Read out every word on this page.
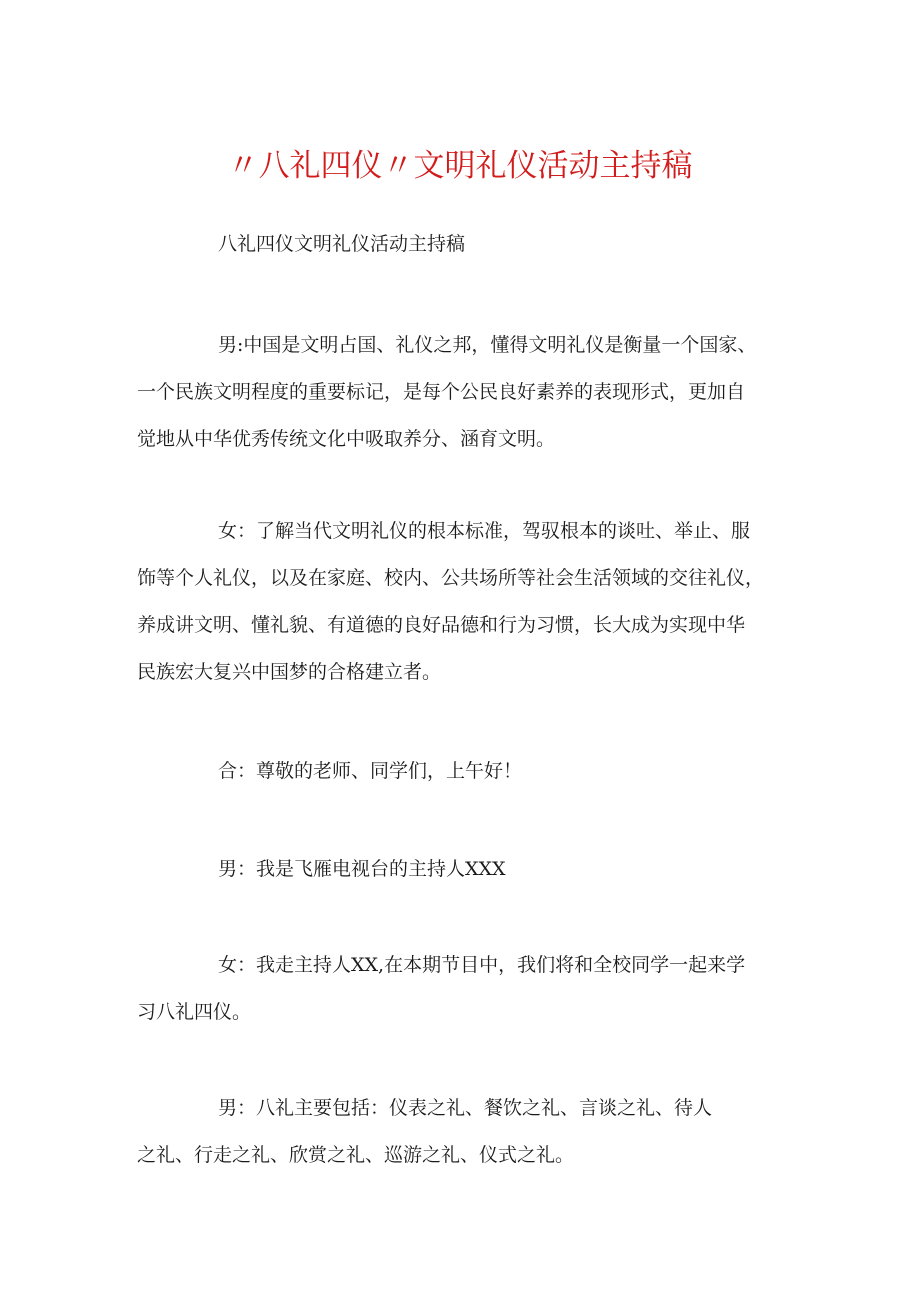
〃八礼四仪〃文明礼仪活动主持稿
八礼四仪文明礼仪活动主持稿
男:中国是文明占国、礼仪之邦，懂得文明礼仪是衡量一个国家、
一个民族文明程度的重要标记，是每个公民良好素养的表现形式，更加自
觉地从中华优秀传统文化中吸取养分、涵育文明。
女：了解当代文明礼仪的根本标准，驾驭根本的谈吐、举止、服
饰等个人礼仪，以及在家庭、校内、公共场所等社会生活领域的交往礼仪，
养成讲文明、懂礼貌、有道德的良好品德和行为习惯，长大成为实现中华
民族宏大复兴中国梦的合格建立者。
合：尊敬的老师、同学们，上午好！
男：我是飞雁电视台的主持人XXX
女：我走主持人XX,在本期节目中，我们将和全校同学一起来学
习八礼四仪。
男：八礼主要包括：仪表之礼、餐饮之礼、言谈之礼、待人
之礼、行走之礼、欣赏之礼、巡游之礼、仪式之礼。
